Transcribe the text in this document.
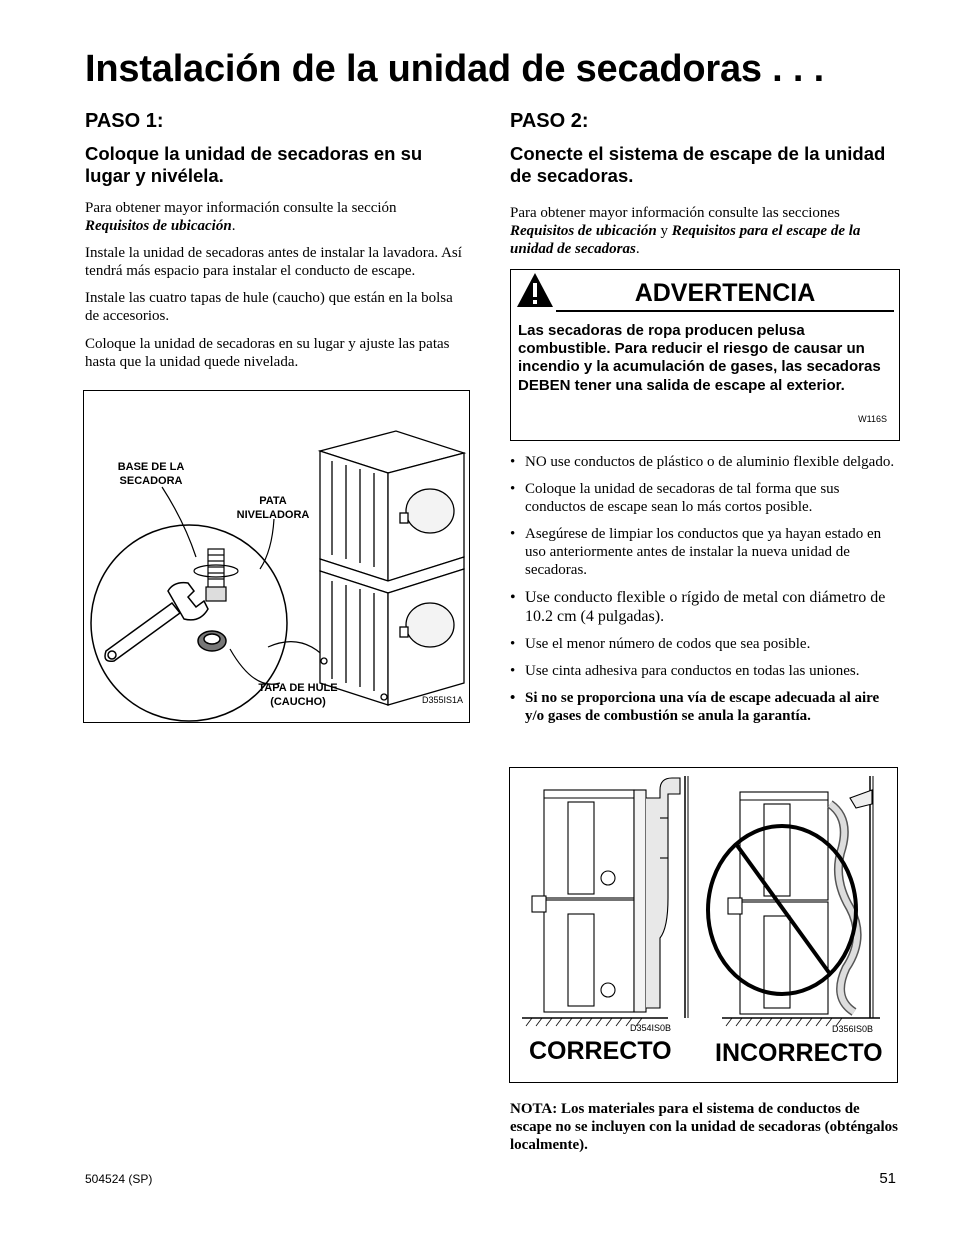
Instalación de la unidad de secadoras . . .
PASO 1:
Coloque la unidad de secadoras en su lugar y nivélela.
Para obtener mayor información consulte la sección
Requisitos de ubicación.
Instale la unidad de secadoras antes de instalar la lavadora. Así tendrá más espacio para instalar el conducto de escape.
Instale las cuatro tapas de hule (caucho) que están en la bolsa de accesorios.
Coloque la unidad de secadoras en su lugar y ajuste las patas hasta que la unidad quede nivelada.
BASE DE LA SECADORA
PATA NIVELADORA
TAPA DE HULE (CAUCHO)	D355IS1A
PASO 2:
Conecte el sistema de escape de la unidad de secadoras.
Para obtener mayor información consulte las secciones
Requisitos de ubicación y Requisitos para el escape de la unidad de secadoras.
ADVERTENCIA
Las secadoras de ropa producen pelusa combustible. Para reducir el riesgo de causar un incendio y la acumulación de gases, las secadoras DEBEN tener una salida de escape al exterior.
W116S
• NO use conductos de plástico o de aluminio flexible delgado.
• Coloque la unidad de secadoras de tal forma que sus conductos de escape sean lo más cortos posible.
• Asegúrese de limpiar los conductos que ya hayan estado en uso anteriormente antes de instalar la nueva unidad de secadoras.
• Use conducto flexible o rígido de metal con diámetro de 10.2 cm (4 pulgadas).
• Use el menor número de codos que sea posible.
• Use cinta adhesiva para conductos en todas las uniones.
• Si no se proporciona una vía de escape adecuada al aire y/o gases de combustión se anula la garantía.
D354IS0B	D356IS0B
CORRECTO INCORRECTO
NOTA: Los materiales para el sistema de conductos de escape no se incluyen con la unidad de secadoras (obténgalos localmente).
504524 (SP)	51
